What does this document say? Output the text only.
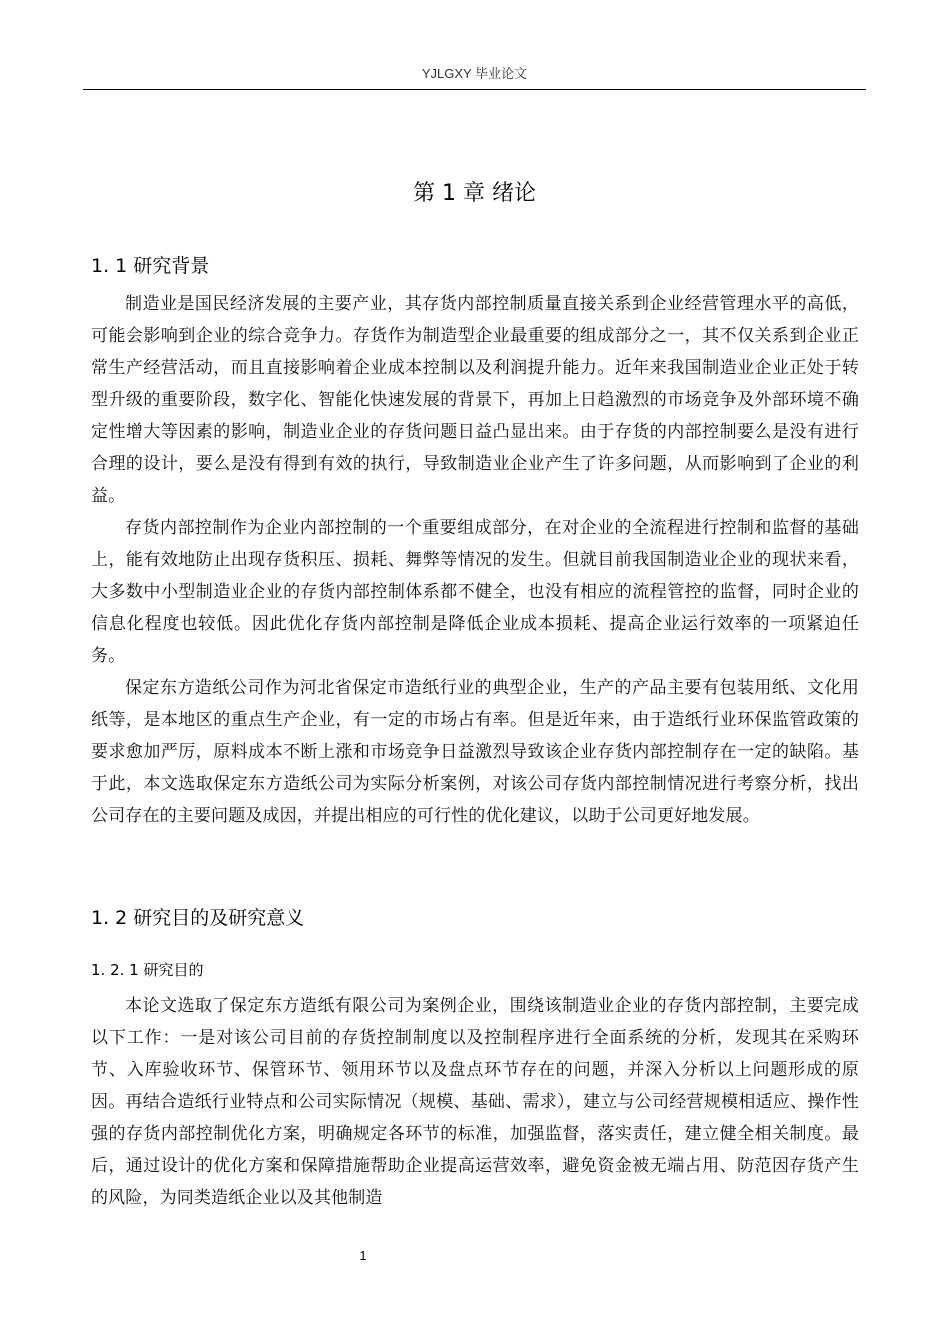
YJLGXY 毕业论文
第 1 章 绪论
1. 1 研究背景

制造业是国民经济发展的主要产业，其存货内部控制质量直接关系到企业经营管理水平的高低，可能会影响到企业的综合竞争力。存货作为制造型企业最重要的组成部分之一，其不仅关系到企业正常生产经营活动，而且直接影响着企业成本控制以及利润提升能力。近年来我国制造业企业正处于转型升级的重要阶段，数字化、智能化快速发展的背景下，再加上日趋激烈的市场竞争及外部环境不确定性增大等因素的影响，制造业企业的存货问题日益凸显出来。由于存货的内部控制要么是没有进行合理的设计，要么是没有得到有效的执行，导致制造业企业产生了许多问题，从而影响到了企业的利益。

存货内部控制作为企业内部控制的一个重要组成部分，在对企业的全流程进行控制和监督的基础上，能有效地防止出现存货积压、损耗、舞弊等情况的发生。但就目前我国制造业企业的现状来看，大多数中小型制造业企业的存货内部控制体系都不健全，也没有相应的流程管控的监督，同时企业的信息化程度也较低。因此优化存货内部控制是降低企业成本损耗、提高企业运行效率的一项紧迫任务。

保定东方造纸公司作为河北省保定市造纸行业的典型企业，生产的产品主要有包装用纸、文化用纸等，是本地区的重点生产企业，有一定的市场占有率。但是近年来，由于造纸行业环保监管政策的要求愈加严厉，原料成本不断上涨和市场竞争日益激烈导致该企业存货内部控制存在一定的缺陷。基于此，本文选取保定东方造纸公司为实际分析案例，对该公司存货内部控制情况进行考察分析，找出公司存在的主要问题及成因，并提出相应的可行性的优化建议，以助于公司更好地发展。

1. 2 研究目的及研究意义
1. 2. 1 研究目的

本论文选取了保定东方造纸有限公司为案例企业，围绕该制造业企业的存货内部控制，主要完成以下工作：一是对该公司目前的存货控制制度以及控制程序进行全面系统的分析，发现其在采购环节、入库验收环节、保管环节、领用环节以及盘点环节存在的问题，并深入分析以上问题形成的原因。再结合造纸行业特点和公司实际情况（规模、基础、需求），建立与公司经营规模相适应、操作性强的存货内部控制优化方案，明确规定各环节的标准，加强监督，落实责任，建立健全相关制度。最后，通过设计的优化方案和保障措施帮助企业提高运营效率，避免资金被无端占用、防范因存货产生的风险，为同类造纸企业以及其他制造

1
